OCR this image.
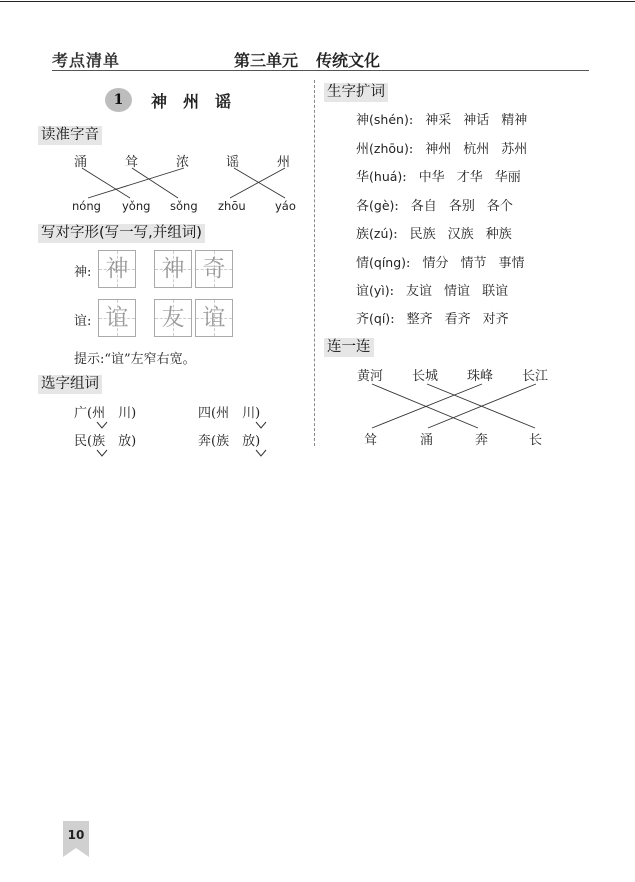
考点清单	第三单元 传统文化
1	神州谣
读准字音
涌	耸	浓	谣	州
nóng yǒng sǒng zhōu	yáo
写对字形(写一写,并组词)
神: 神 神 奇
谊: 谊 友 谊
提示:“谊”左窄右宽。
选字组词
广(州　川)	四(州　川)
民(族　放)	奔(族　放)
生字扩词
神(shén): 神采 神话 精神
州(zhōu): 神州 杭州 苏州
华(huá): 中华 才华 华丽
各(gè): 各自 各别 各个
族(zú): 民族 汉族 种族
情(qíng): 情分 情节 事情
谊(yì): 友谊 情谊 联谊
齐(qí): 整齐 看齐 对齐
连一连
黄河 长城 珠峰 长江
耸	涌	奔	长
10
